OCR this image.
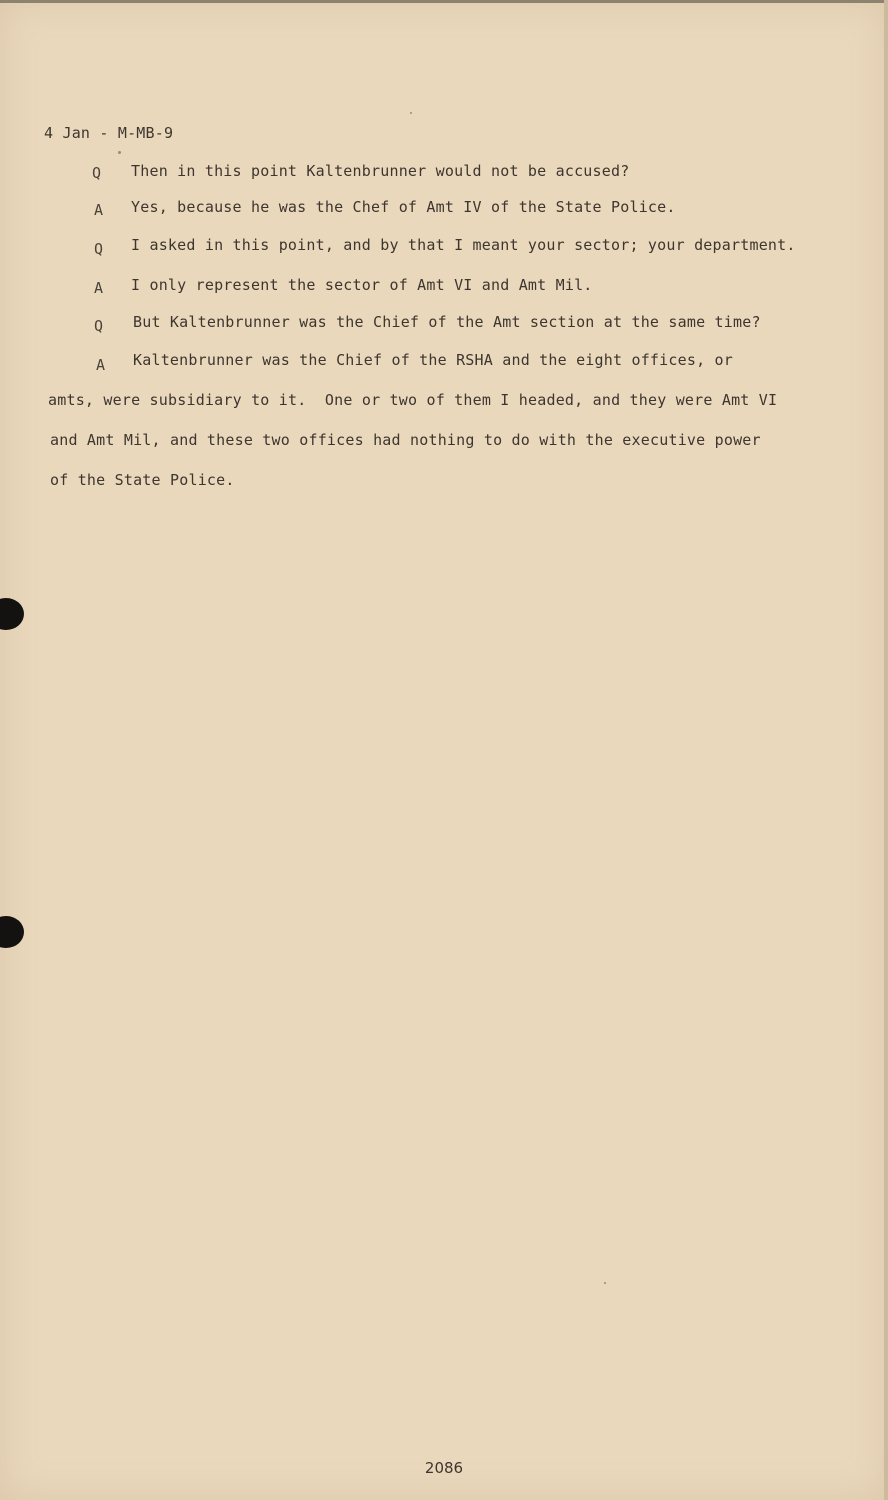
4 Jan - M-MB-9
Q Then in this point Kaltenbrunner would not be accused?
A Yes, because he was the Chef of Amt IV of the State Police.
Q I asked in this point, and by that I meant your sector; your department.
A I only represent the sector of Amt VI and Amt Mil.
Q But Kaltenbrunner was the Chief of the Amt section at the same time?
A Kaltenbrunner was the Chief of the RSHA and the eight offices, or
amts, were subsidiary to it.  One or two of them I headed, and they were Amt VI
and Amt Mil, and these two offices had nothing to do with the executive power
of the State Police.
2086
